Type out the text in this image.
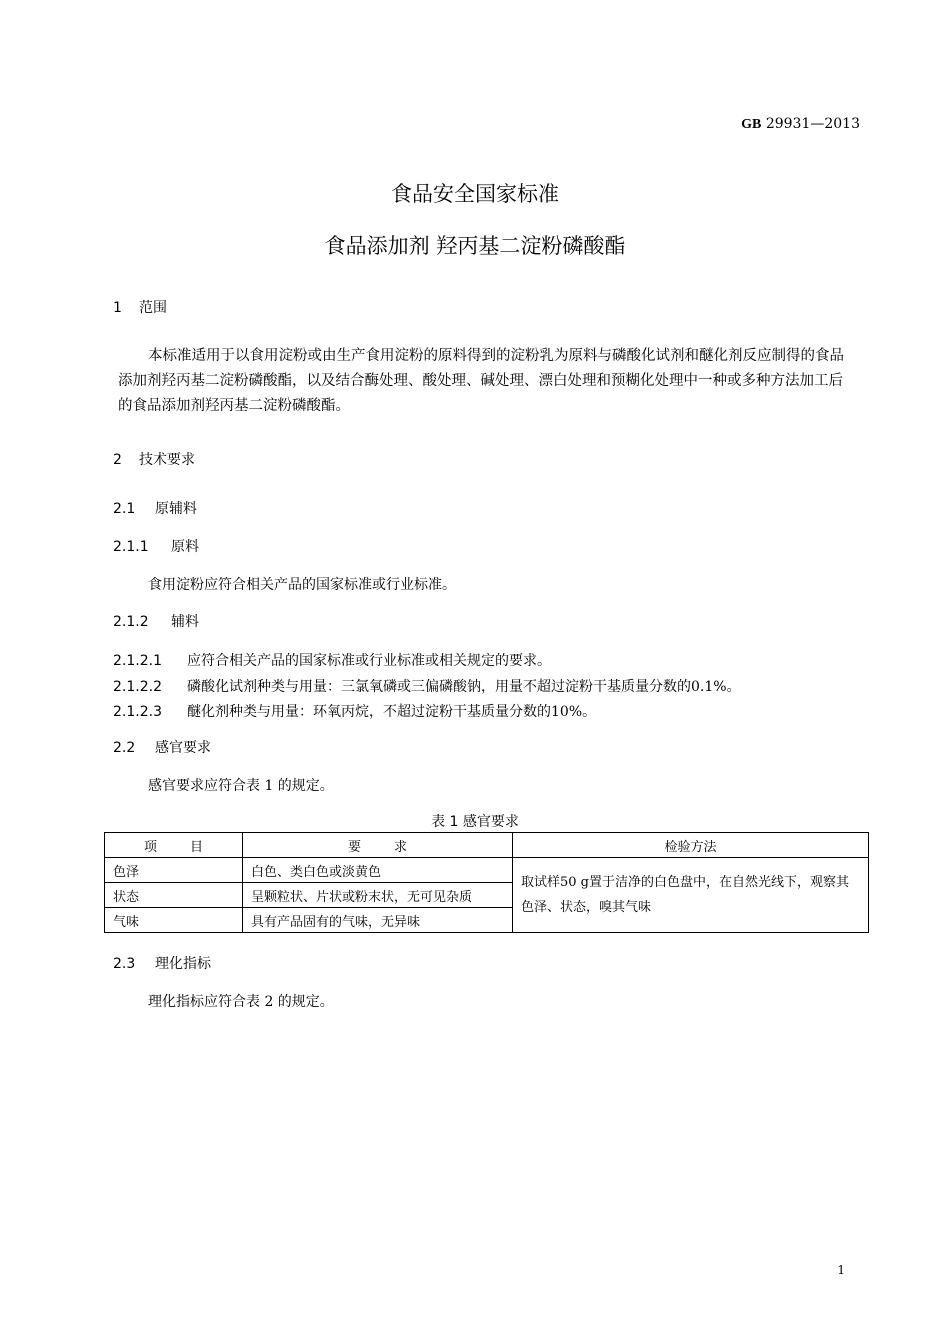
GB 29931—2013
食品安全国家标准
食品添加剂 羟丙基二淀粉磷酸酯
1 范围
本标准适用于以食用淀粉或由生产食用淀粉的原料得到的淀粉乳为原料与磷酸化试剂和醚化剂反应制得的食品添加剂羟丙基二淀粉磷酸酯，以及结合酶处理、酸处理、碱处理、漂白处理和预糊化处理中一种或多种方法加工后的食品添加剂羟丙基二淀粉磷酸酯。
2 技术要求
2.1 原辅料
2.1.1 原料
食用淀粉应符合相关产品的国家标准或行业标准。
2.1.2 辅料
2.1.2.1 应符合相关产品的国家标准或行业标准或相关规定的要求。
2.1.2.2 磷酸化试剂种类与用量：三氯氧磷或三偏磷酸钠，用量不超过淀粉干基质量分数的0.1%。
2.1.2.3 醚化剂种类与用量：环氧丙烷，不超过淀粉干基质量分数的10%。
2.2 感官要求
感官要求应符合表 1 的规定。
表 1 感官要求
项        目	要        求	检验方法
色泽	白色、类白色或淡黄色	取试样50 g置于洁净的白色盘中，在自然光线下，观察其色泽、状态，嗅其气味
状态	呈颗粒状、片状或粉末状，无可见杂质	
气味	具有产品固有的气味，无异味	
2.3 理化指标
理化指标应符合表 2 的规定。
1
